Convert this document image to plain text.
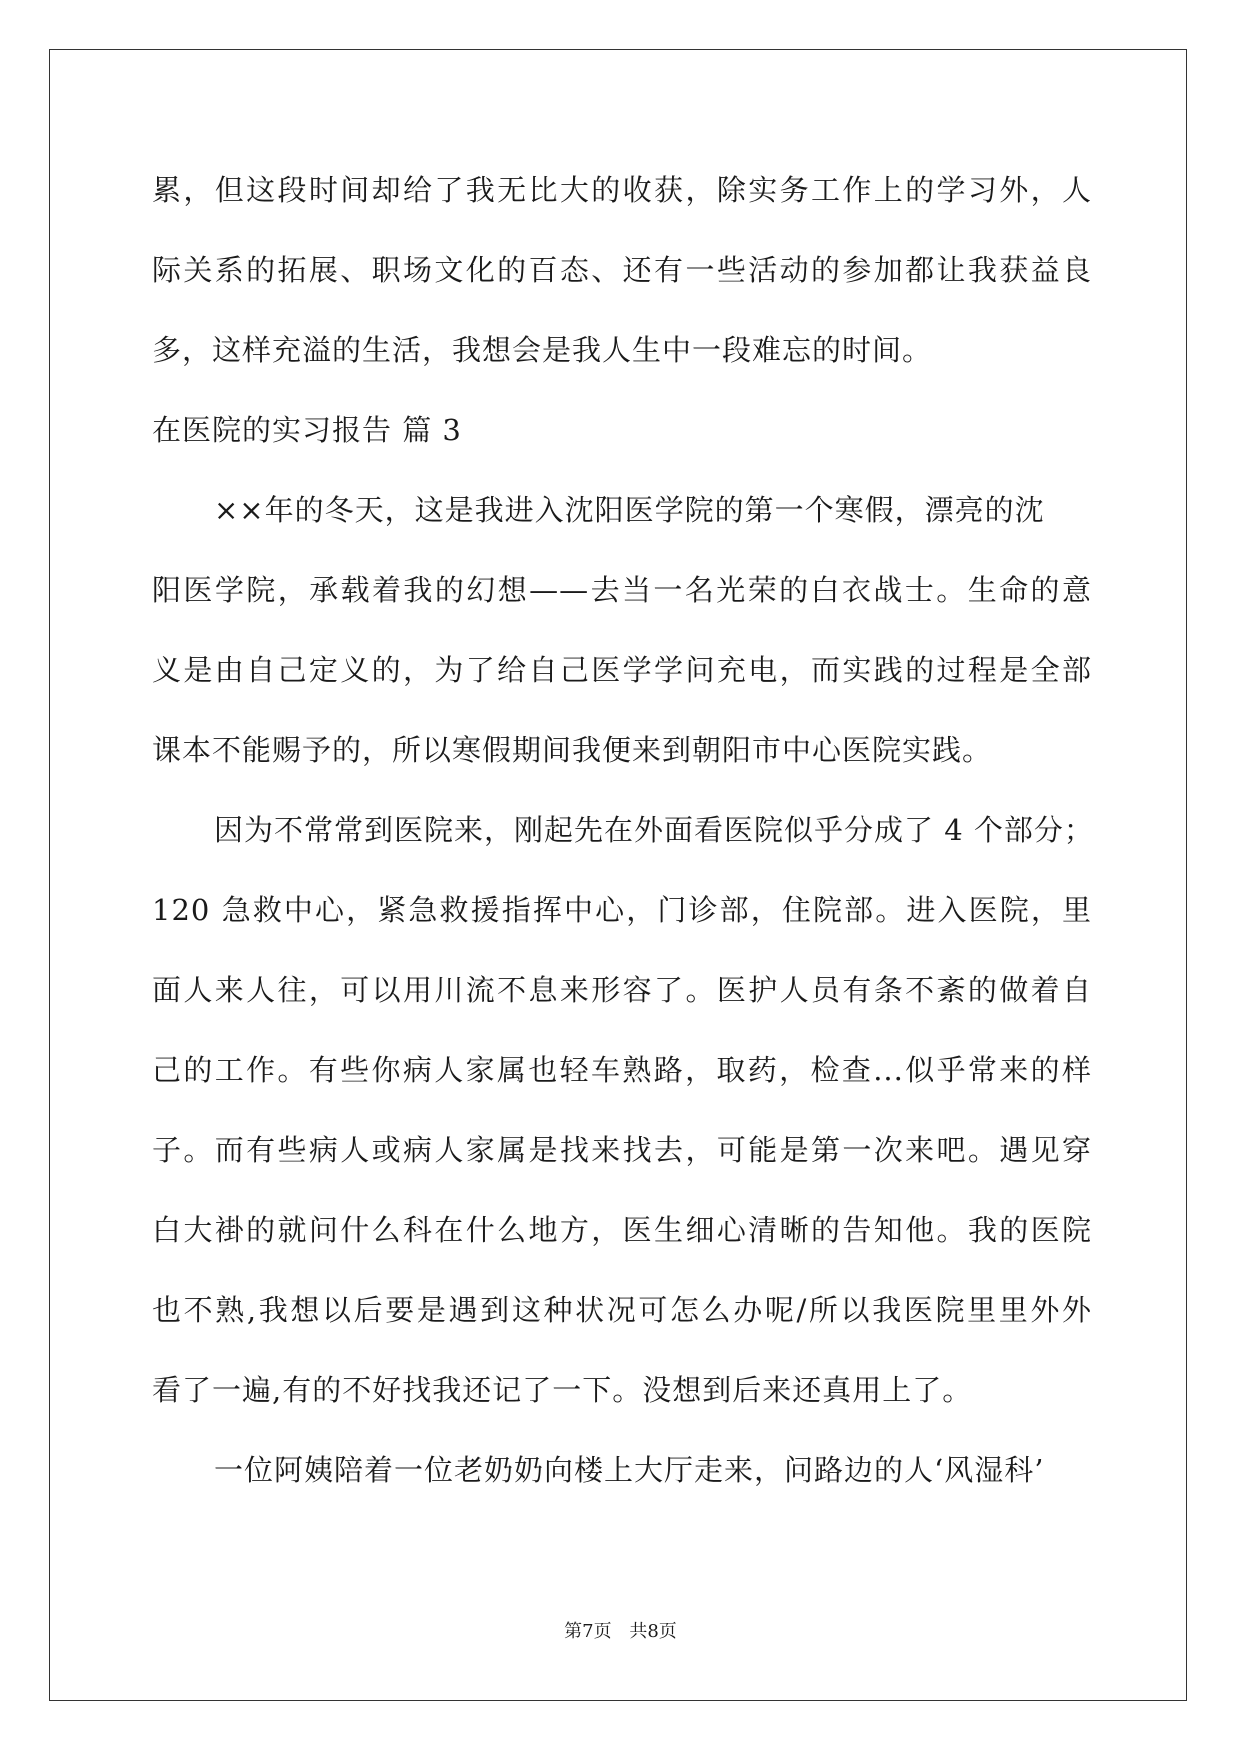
累，但这段时间却给了我无比大的收获，除实务工作上的学习外，人
际关系的拓展、职场文化的百态、还有一些活动的参加都让我获益良
多，这样充溢的生活，我想会是我人生中一段难忘的时间。
在医院的实习报告 篇 3
××年的冬天，这是我进入沈阳医学院的第一个寒假，漂亮的沈
阳医学院，承载着我的幻想——去当一名光荣的白衣战士。生命的意
义是由自己定义的，为了给自己医学学问充电，而实践的过程是全部
课本不能赐予的，所以寒假期间我便来到朝阳市中心医院实践。
因为不常常到医院来，刚起先在外面看医院似乎分成了 4 个部分；
120 急救中心，紧急救援指挥中心，门诊部，住院部。进入医院，里
面人来人往，可以用川流不息来形容了。医护人员有条不紊的做着自
己的工作。有些你病人家属也轻车熟路，取药，检查...似乎常来的样
子。而有些病人或病人家属是找来找去，可能是第一次来吧。遇见穿
白大褂的就问什么科在什么地方，医生细心清晰的告知他。我的医院
也不熟,我想以后要是遇到这种状况可怎么办呢/所以我医院里里外外
看了一遍,有的不好找我还记了一下。没想到后来还真用上了。
一位阿姨陪着一位老奶奶向楼上大厅走来，问路边的人‘风湿科’
第7页 共8页
